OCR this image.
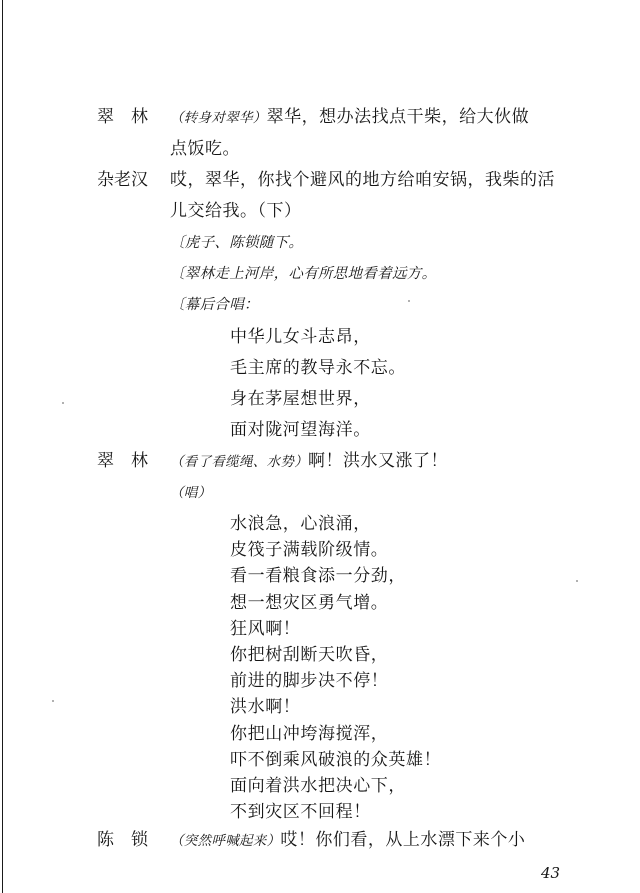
翠　林 （转身对翠华）翠华，想办法找点干柴，给大伙做
点饭吃。
杂老汉 哎，翠华，你找个避风的地方给咱安锅，我柴的活
儿交给我。（下）
〔虎子、陈锁随下。
〔翠林走上河岸，心有所思地看着远方。
〔幕后合唱：
中华儿女斗志昂，
毛主席的教导永不忘。
身在茅屋想世界，
面对陇河望海洋。
翠　林 （看了看缆绳、水势）啊！洪水又涨了！
（唱）
水浪急，心浪涌，
皮筏子满载阶级情。
看一看粮食添一分劲，
想一想灾区勇气增。
狂风啊！
你把树刮断天吹昏，
前进的脚步决不停！
洪水啊！
你把山冲垮海搅浑，
吓不倒乘风破浪的众英雄！
面向着洪水把决心下，
不到灾区不回程！
陈　锁 （突然呼喊起来）哎！你们看，从上水漂下来个小
43
